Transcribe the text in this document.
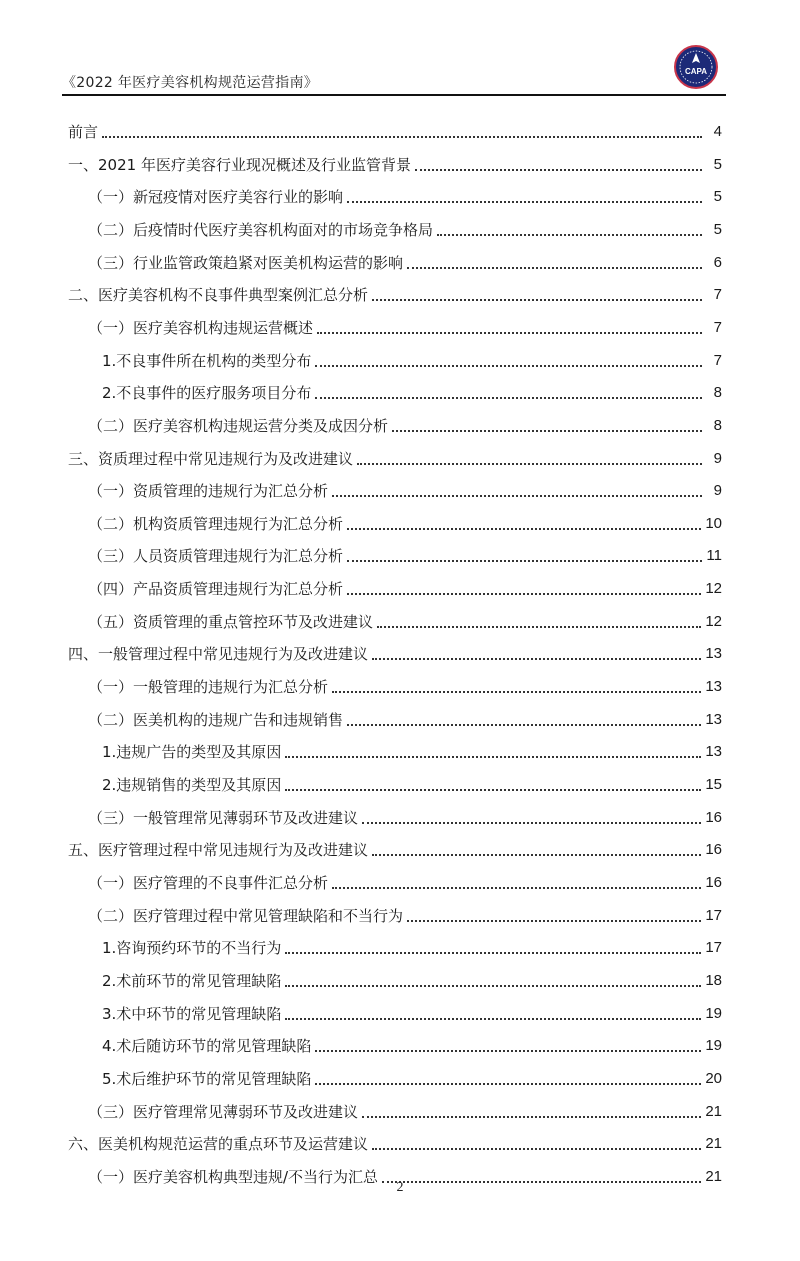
CAPA
《2022 年医疗美容机构规范运营指南》
前言	4
一、2021 年医疗美容行业现况概述及行业监管背景	5
（一）新冠疫情对医疗美容行业的影响	5
（二）后疫情时代医疗美容机构面对的市场竞争格局	5
（三）行业监管政策趋紧对医美机构运营的影响	6
二、医疗美容机构不良事件典型案例汇总分析	7
（一）医疗美容机构违规运营概述	7
1.不良事件所在机构的类型分布	7
2.不良事件的医疗服务项目分布	8
（二）医疗美容机构违规运营分类及成因分析	8
三、资质理过程中常见违规行为及改进建议	9
（一）资质管理的违规行为汇总分析	9
（二）机构资质管理违规行为汇总分析	10
（三）人员资质管理违规行为汇总分析	11
（四）产品资质管理违规行为汇总分析	12
（五）资质管理的重点管控环节及改进建议	12
四、一般管理过程中常见违规行为及改进建议	13
（一）一般管理的违规行为汇总分析	13
（二）医美机构的违规广告和违规销售	13
1.违规广告的类型及其原因	13
2.违规销售的类型及其原因	15
（三）一般管理常见薄弱环节及改进建议	16
五、医疗管理过程中常见违规行为及改进建议	16
（一）医疗管理的不良事件汇总分析	16
（二）医疗管理过程中常见管理缺陷和不当行为	17
1.咨询预约环节的不当行为	17
2.术前环节的常见管理缺陷	18
3.术中环节的常见管理缺陷	19
4.术后随访环节的常见管理缺陷	19
5.术后维护环节的常见管理缺陷	20
（三）医疗管理常见薄弱环节及改进建议	21
六、医美机构规范运营的重点环节及运营建议	21
（一）医疗美容机构典型违规/不当行为汇总	21
2
